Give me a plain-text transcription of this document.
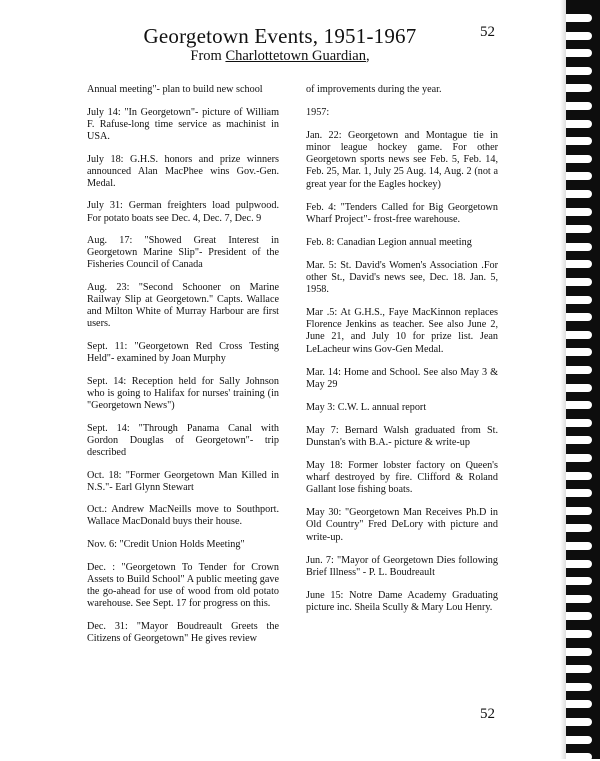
Georgetown Events, 1951-1967
From Charlottetown Guardian,
52

Annual meeting"- plan to build new school

July 14: "In Georgetown"- picture of William F. Rafuse-long time service as machinist in USA.

July 18: G.H.S. honors and prize winners announced Alan MacPhee wins Gov.-Gen. Medal.

July 31: German freighters load pulpwood. For potato boats see Dec. 4, Dec. 7, Dec. 9

Aug. 17: "Showed Great Interest in Georgetown Marine Slip"- President of the Fisheries Council of Canada

Aug. 23: "Second Schooner on Marine Railway Slip at Georgetown." Capts. Wallace and Milton White of Murray Harbour are first users.

Sept. 11: "Georgetown Red Cross Testing Held"- examined by Joan Murphy

Sept. 14: Reception held for Sally Johnson who is going to Halifax for nurses' training (in "Georgetown News")

Sept. 14: "Through Panama Canal with Gordon Douglas of Georgetown"- trip described

Oct. 18: "Former Georgetown Man Killed in N.S."- Earl Glynn Stewart

Oct.: Andrew MacNeills move to Southport. Wallace MacDonald buys their house.

Nov. 6: "Credit Union Holds Meeting"

Dec. : "Georgetown To Tender for Crown Assets to Build School" A public meeting gave the go-ahead for use of wood from old potato warehouse. See Sept. 17 for progress on this.

Dec. 31: "Mayor Boudreault Greets the Citizens of Georgetown" He gives review

of improvements during the year.

1957:

Jan. 22: Georgetown and Montague tie in minor league hockey game. For other Georgetown sports news see Feb. 5, Feb. 14, Feb. 25, Mar. 1, July 25 Aug. 14, Aug. 2 (not a great year for the Eagles hockey)

Feb. 4: "Tenders Called for Big Georgetown Wharf Project"- frost-free warehouse.

Feb. 8: Canadian Legion annual meeting

Mar. 5: St. David's Women's Association .For other St., David's news see, Dec. 18. Jan. 5, 1958.

Mar .5: At G.H.S., Faye MacKinnon replaces Florence Jenkins as teacher. See also June 2, June 21, and July 10 for prize list. Jean LeLacheur wins Gov-Gen Medal.

Mar. 14: Home and School. See also May 3 & May 29

May 3: C.W. L. annual report

May 7: Bernard Walsh graduated from St. Dunstan's with B.A.- picture & write-up

May 18: Former lobster factory on Queen's wharf destroyed by fire. Clifford & Roland Gallant lose fishing boats.

May 30: "Georgetown Man Receives Ph.D in Old Country" Fred DeLory with picture and write-up.

Jun. 7: "Mayor of Georgetown Dies following Brief Illness" - P. L. Boudreault

June 15: Notre Dame Academy Graduating picture inc. Sheila Scully & Mary Lou Henry.

52
